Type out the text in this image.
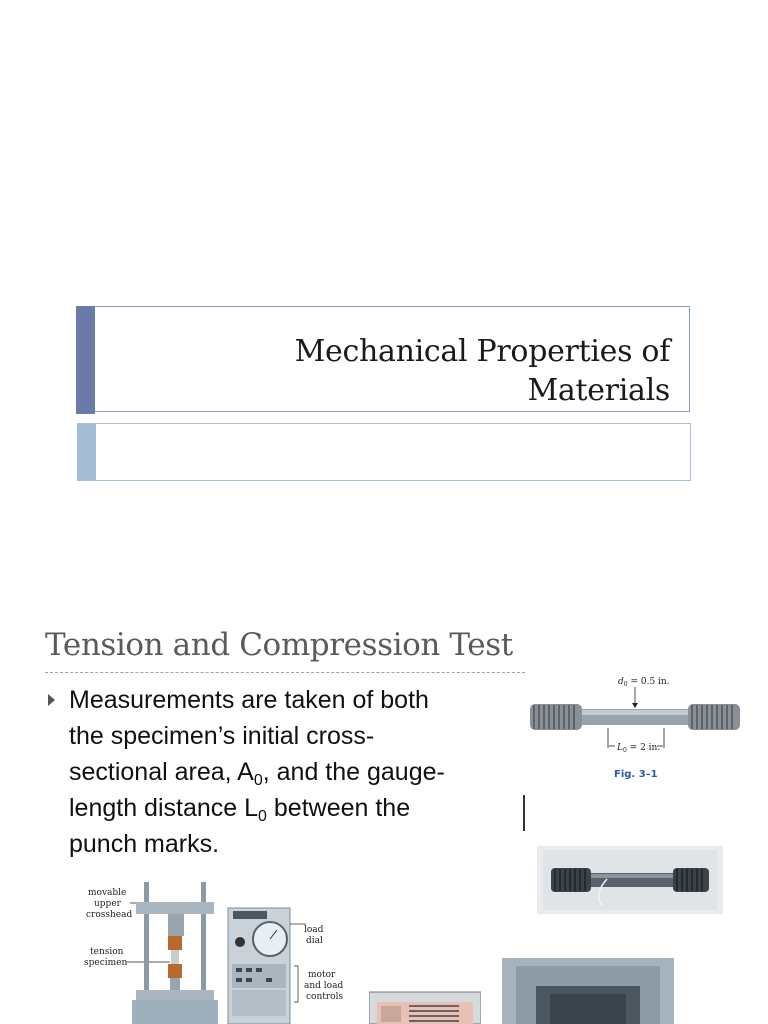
Mechanical Properties of Materials
Tension and Compression Test
Measurements are taken of both the specimen’s initial cross-sectional area, $A_0$, and the gauge-length distance $L_0$ between the punch marks.
$d_0 = 0.5$ in.
$L_0 = 2$ in.
Fig. 3–1
movable
upper
crosshead
tension
specimen
load
dial
motor
and load
controls
